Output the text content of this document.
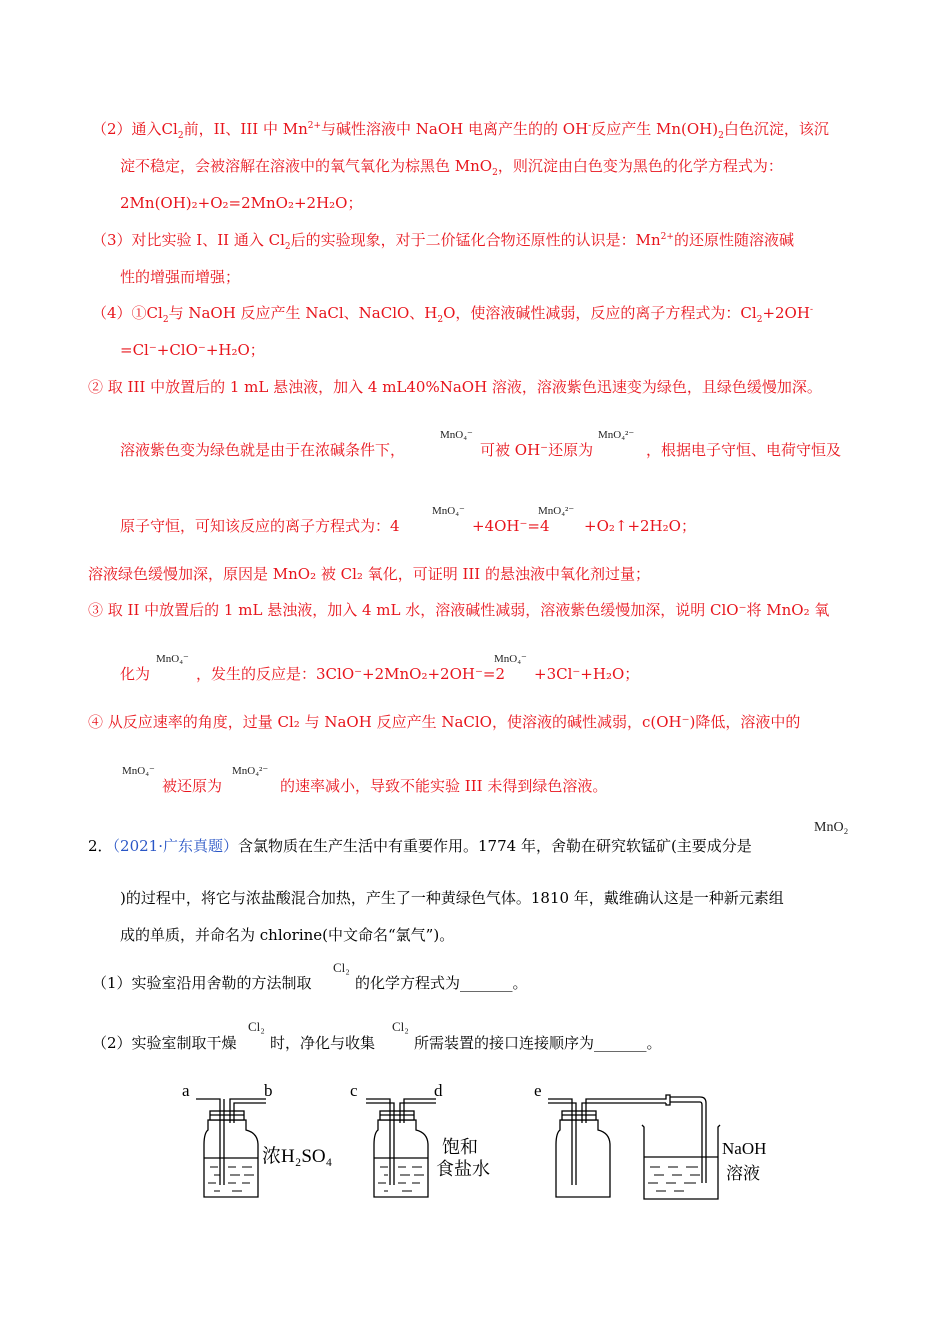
（2）通入$Cl_2$前，II、III 中 $Mn^{2+}$与碱性溶液中 NaOH 电离产生的的 OH-反应产生 $Mn(OH)_2$白色沉淀，该沉
淀不稳定，会被溶解在溶液中的氧气氧化为棕黑色 MnO$_2$，则沉淀由白色变为黑色的化学方程式为：
2Mn(OH)₂+O₂=2MnO₂+2H₂O；
（3）对比实验 I、II 通入 $Cl_2$后的实验现象，对于二价锰化合物还原性的认识是：$Mn^{2+}$的还原性随溶液碱
性的增强而增强；
$(4)①Cl_2$与 NaOH 反应产生 NaCl、NaClO、$H_2O$，使溶液碱性减弱，反应的离子方程式为：$Cl_2+2OH^-$
=Cl⁻+ClO⁻+H₂O；
② 取 III 中放置后的 1 mL 悬浊液，加入 4 mL40%NaOH 溶液，溶液紫色迅速变为绿色，且绿色缓慢加深。
MnO₄⁻	MnO₄²⁻
溶液紫色变为绿色就是由于在浓碱条件下，	可被 OH⁻还原为	，根据电子守恒、电荷守恒及
MnO₄⁻	MnO₄²⁻
原子守恒，可知该反应的离子方程式为：4	+4OH⁻=4 +O₂↑+2H₂O；
溶液绿色缓慢加深，原因是 MnO₂ 被 Cl₂ 氧化，可证明 III 的悬浊液中氧化剂过量；
③ 取 II 中放置后的 1 mL 悬浊液，加入 4 mL 水，溶液碱性减弱，溶液紫色缓慢加深，说明 ClO⁻将 MnO₂ 氧
MnO₄⁻	MnO₄⁻
化为	，发生的反应是：3ClO⁻+2MnO₂+2OH⁻=2 +3Cl⁻+H₂O；
④ 从反应速率的角度，过量 Cl₂ 与 NaOH 反应产生 NaClO，使溶液的碱性减弱，c(OH⁻)降低，溶液中的
MnO₄⁻	MnO₄²⁻
被还原为	的速率减小，导致不能实验 III 未得到绿色溶液。
MnO₂
2．（2021·广东真题）含氯物质在生产生活中有重要作用。1774 年，舍勒在研究软锰矿(主要成分是
)的过程中，将它与浓盐酸混合加热，产生了一种黄绿色气体。1810 年，戴维确认这是一种新元素组
成的单质，并命名为 chlorine(中文命名“氯气”)。
Cl₂
（1）实验室沿用舍勒的方法制取	的化学方程式为_______。
Cl₂	Cl₂
（2）实验室制取干燥 时，净化与收集	所需装置的接口连接顺序为_______。
a	b	c	d	e
浓H₂SO₄	饱和
食盐水
NaOH
溶液
